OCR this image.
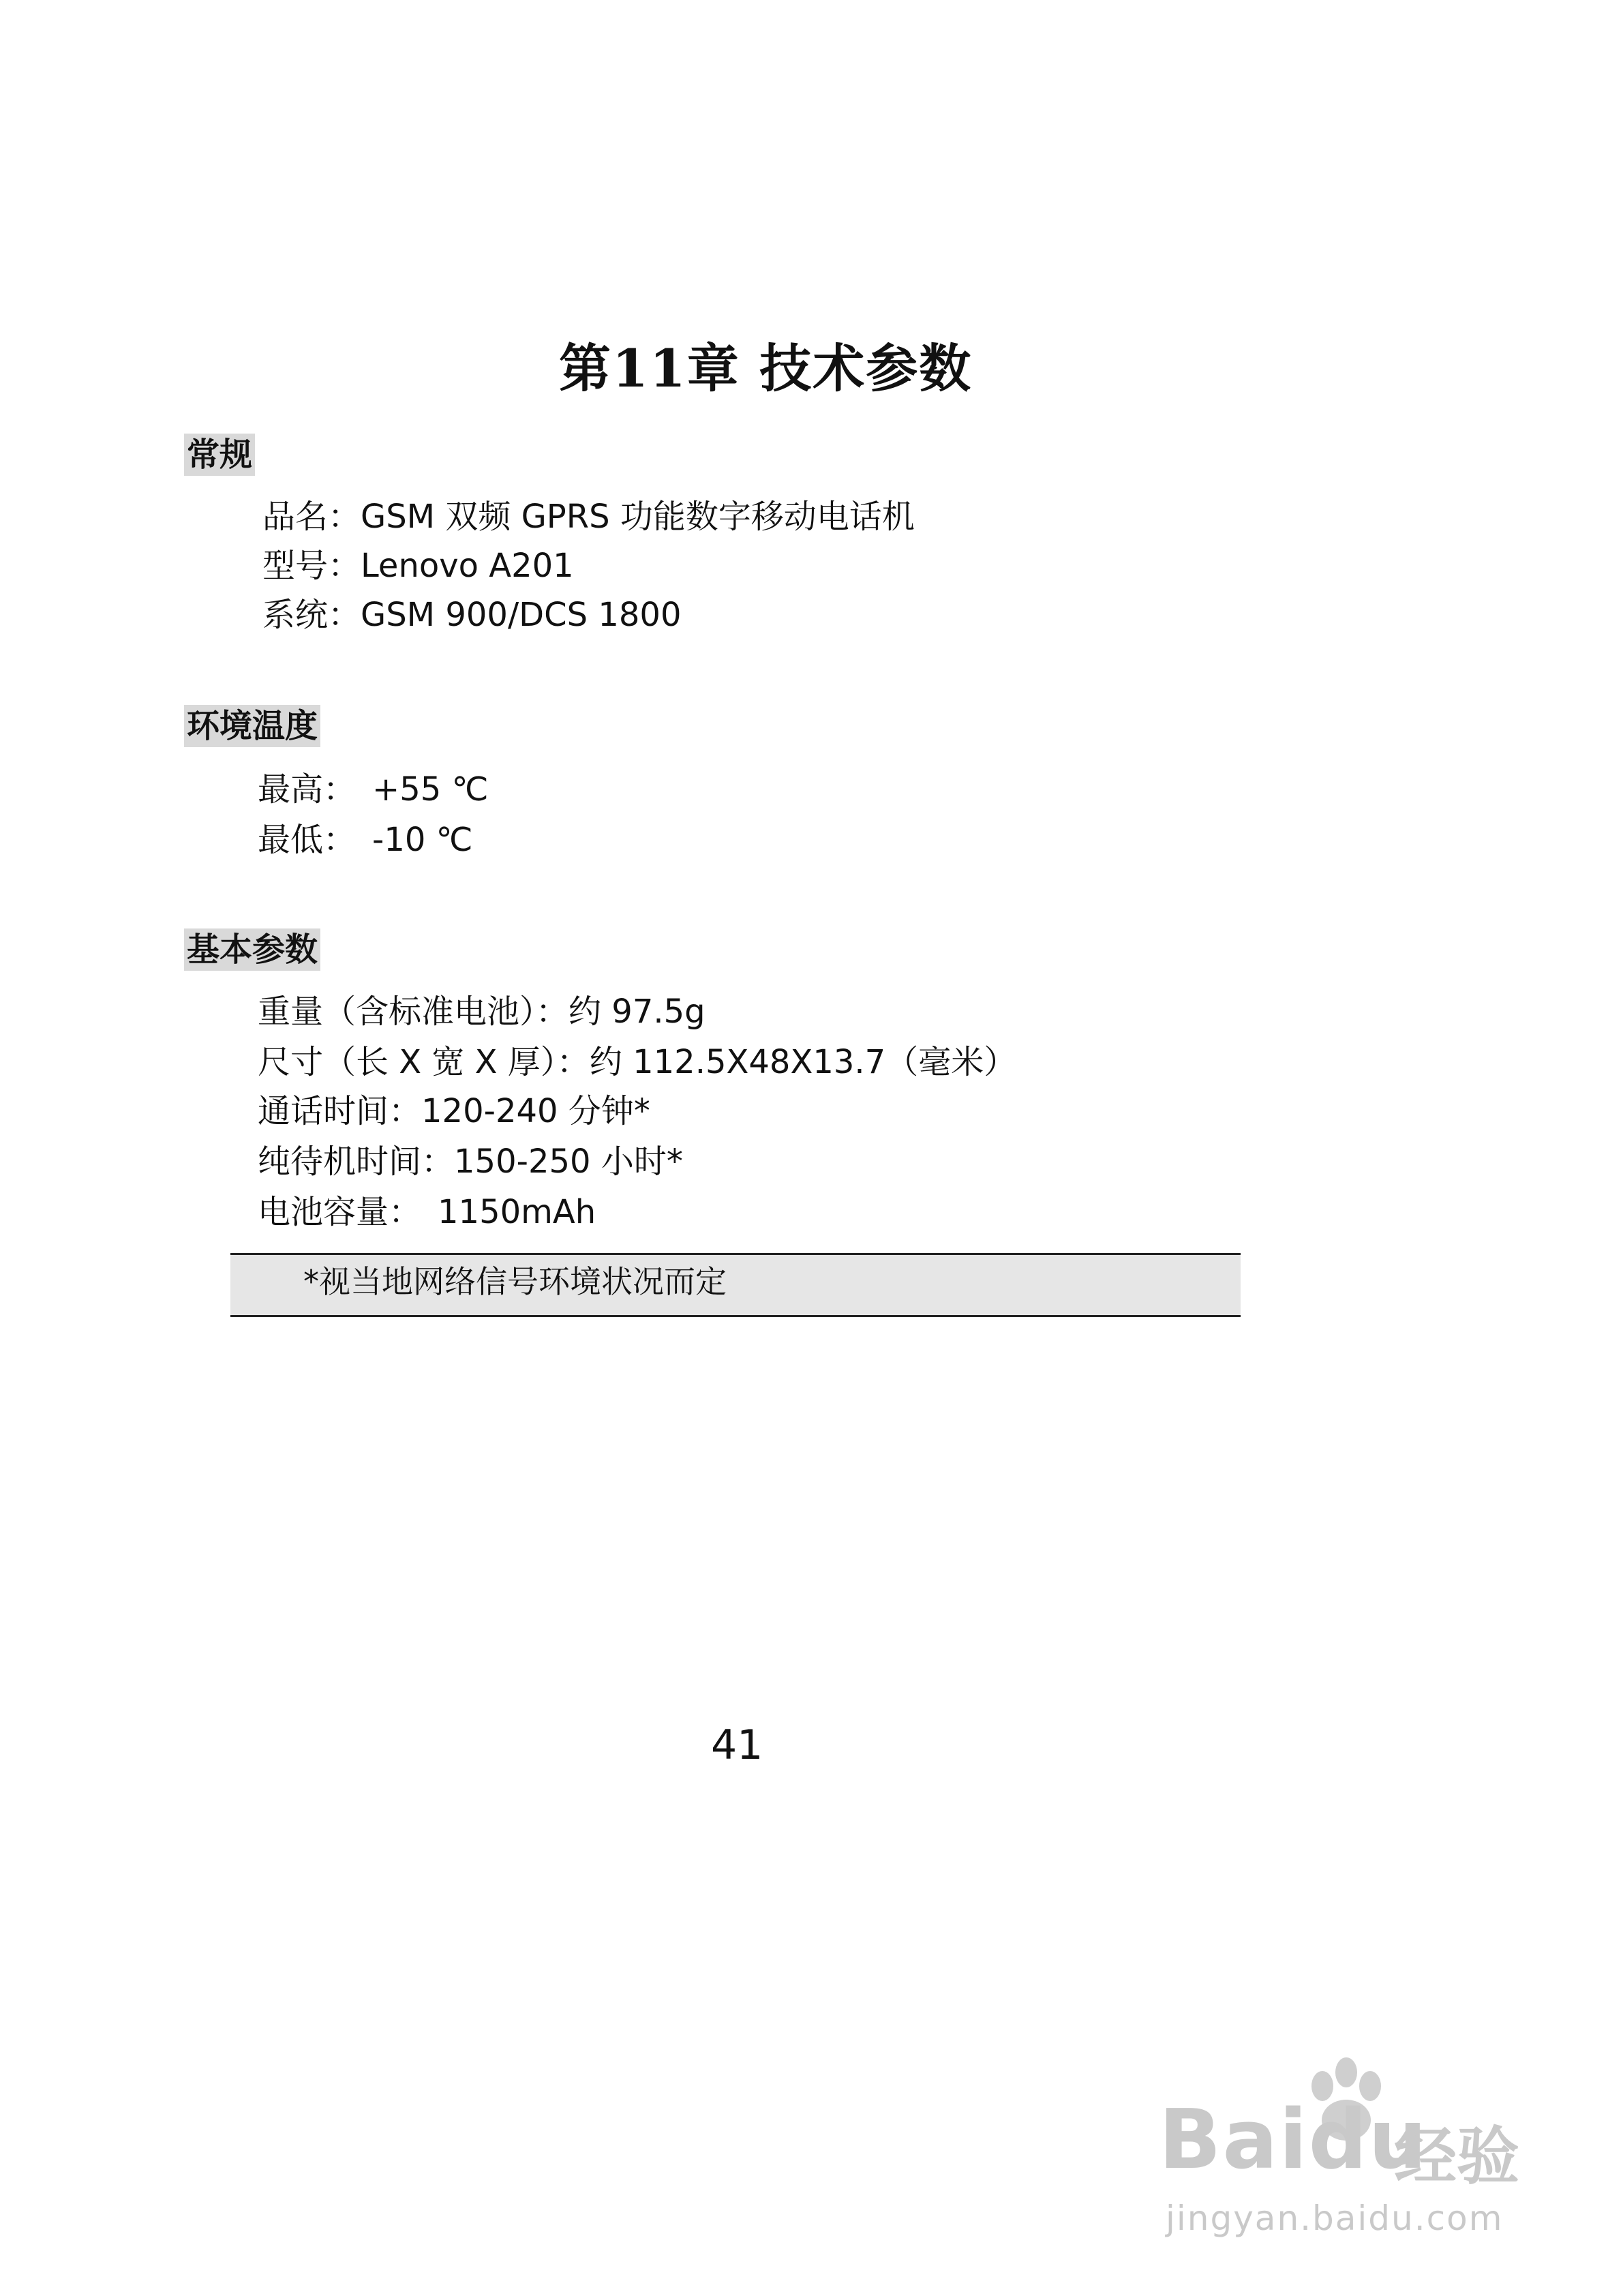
第11章 技术参数
常规
品名：GSM 双频 GPRS 功能数字移动电话机
型号：Lenovo A201
系统：GSM 900/DCS 1800
环境温度
最高： +55 ℃
最低： -10 ℃
基本参数
重量（含标准电池）：约 97.5g
尺寸（长 X 宽 X 厚）：约 112.5X48X13.7（毫米）
通话时间：120-240 分钟*
纯待机时间：150-250 小时*
电池容量： 1150mAh
*视当地网络信号环境状况而定
41
Baidu
经验
jingyan.baidu.com
